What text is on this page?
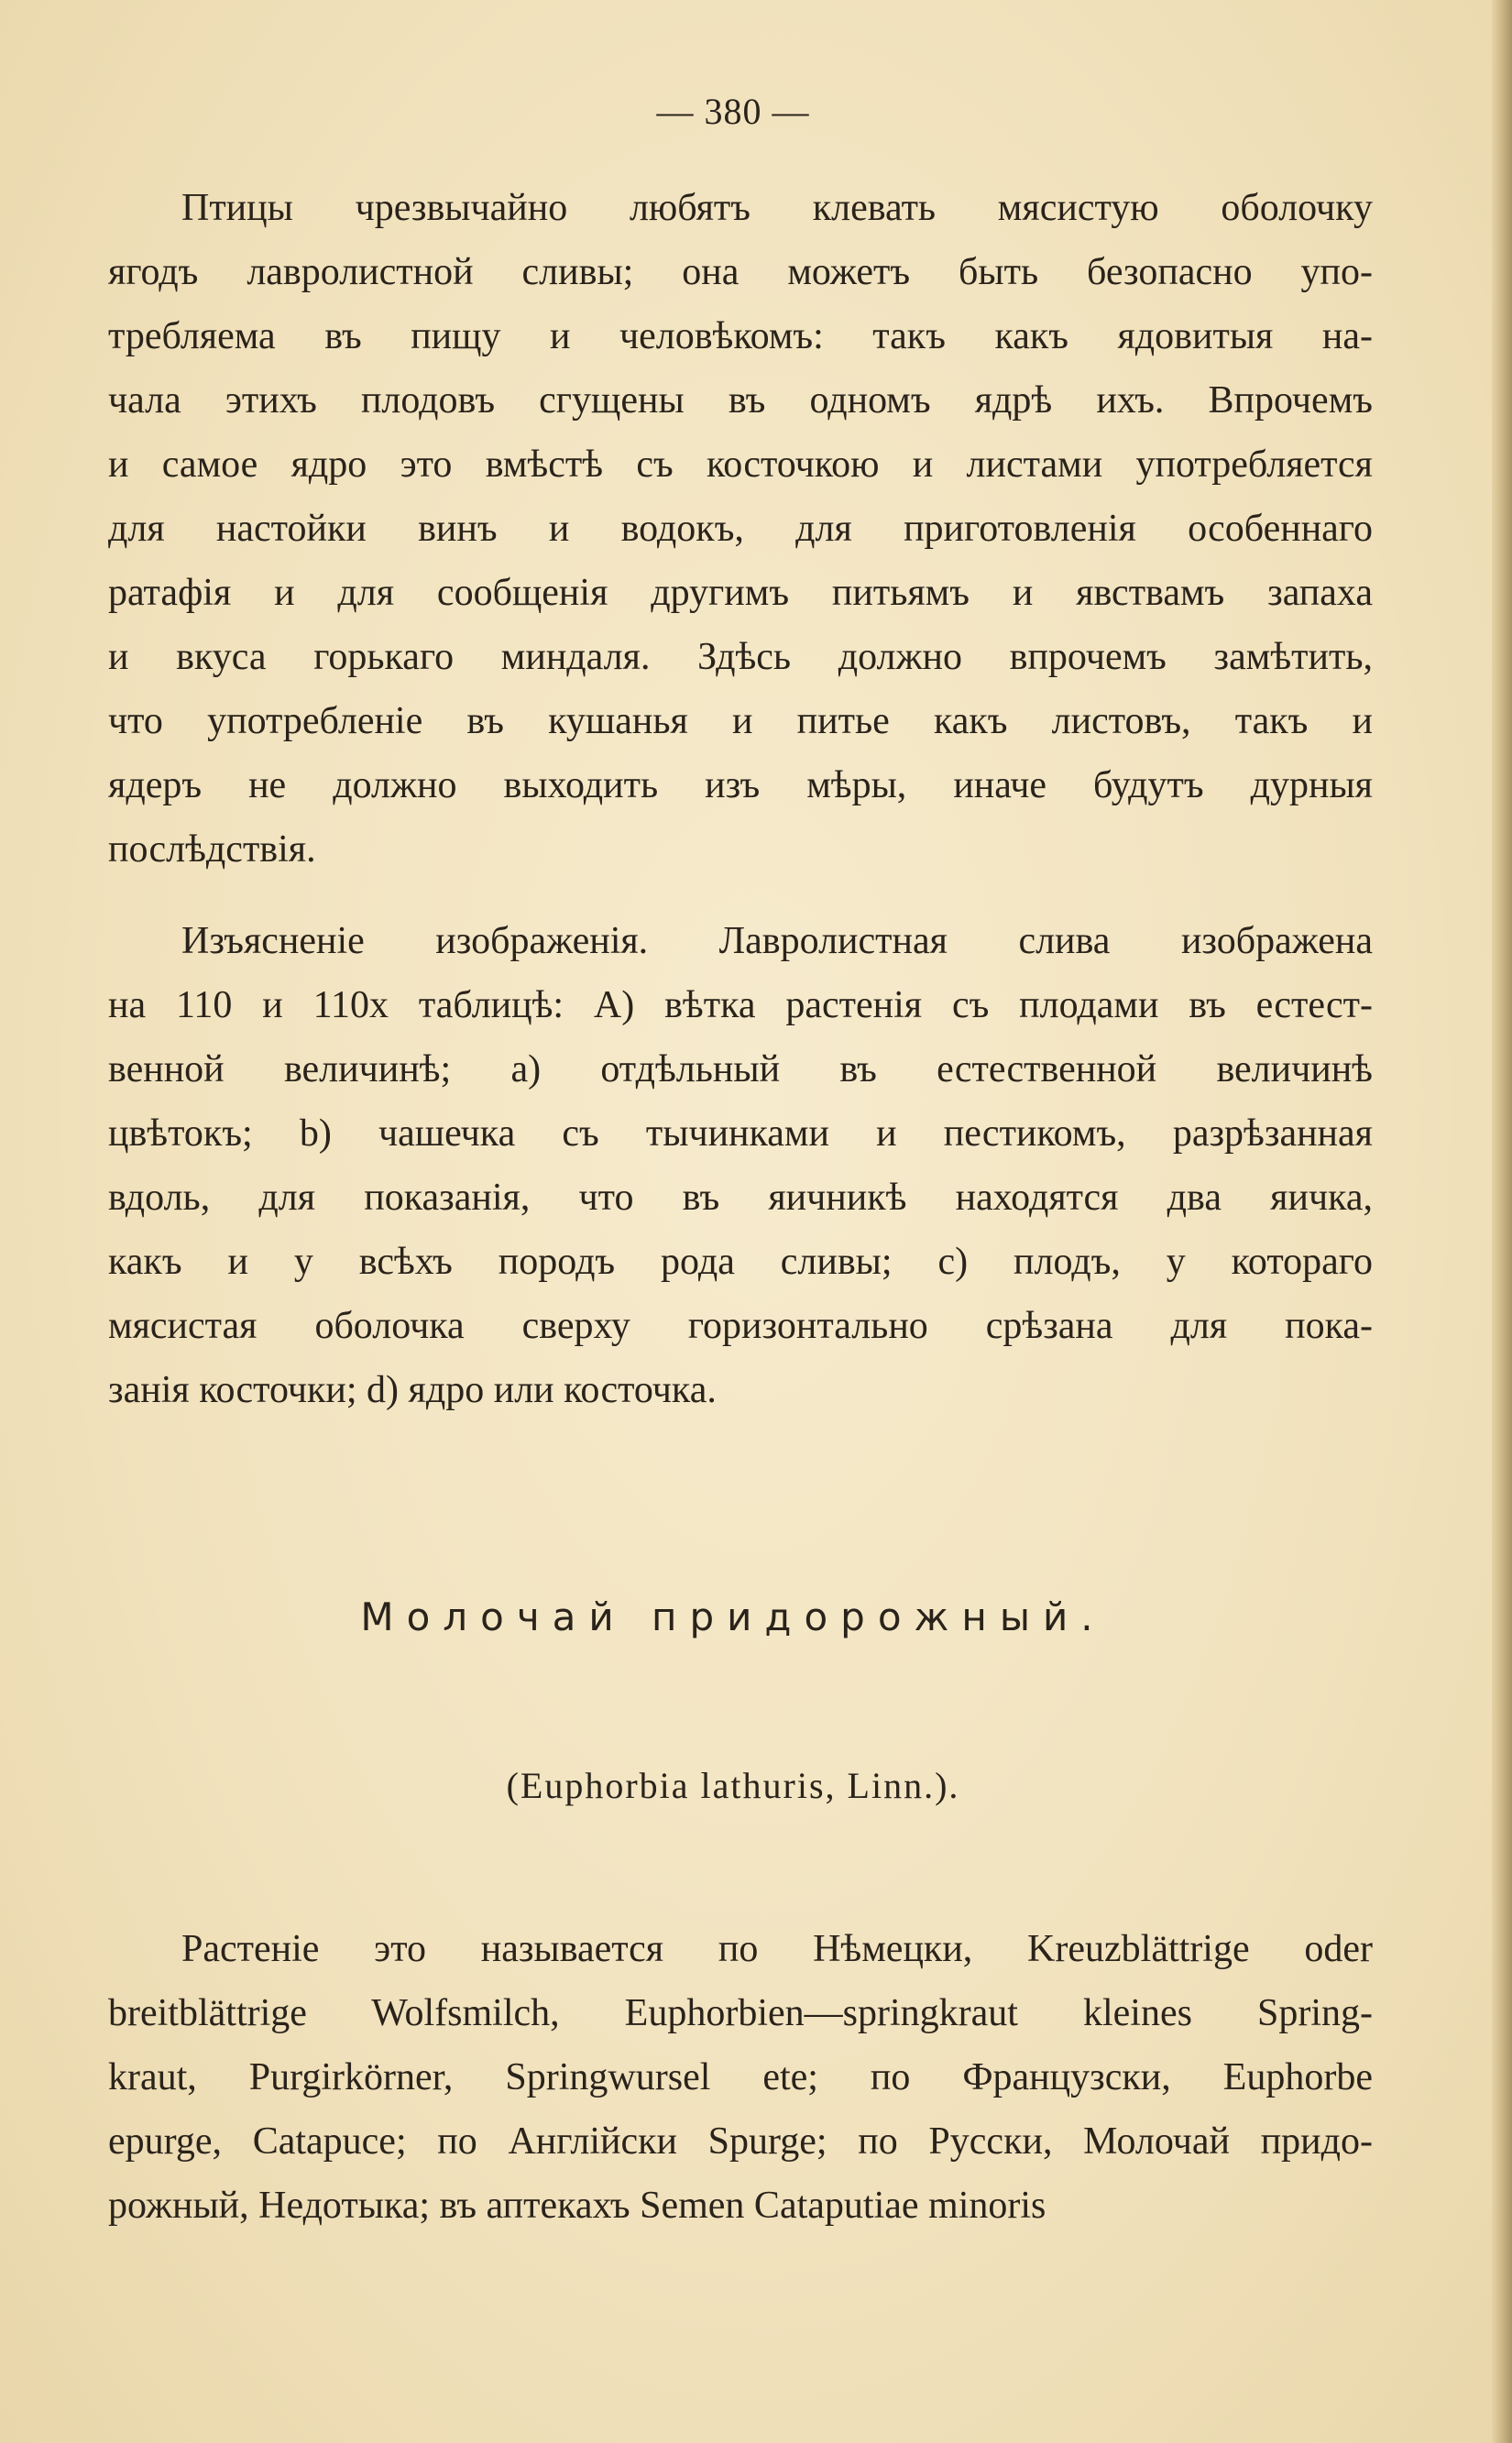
— 380 —
Птицы чрезвычайно любятъ клевать мясистую оболочку
ягодъ лавролистной сливы; она можетъ быть безопасно упо-
требляема въ пищу и человѣкомъ: такъ какъ ядовитыя на-
чала этихъ плодовъ сгущены въ одномъ ядрѣ ихъ. Впрочемъ
и самое ядро это вмѣстѣ съ косточкою и листами употребляется
для настойки винъ и водокъ, для приготовленія особеннаго
ратафія и для сообщенія другимъ питьямъ и явствамъ запаха
и вкуса горькаго миндаля. Здѣсь должно впрочемъ замѣтить,
что употребленіе въ кушанья и питье какъ листовъ, такъ и
ядеръ не должно выходить изъ мѣры, иначе будутъ дурныя
послѣдствія.
Изъясненіе изображенія. Лавролистная слива изображена
на 110 и 110х таблицѣ: A) вѣтка растенія съ плодами въ естест-
венной величинѣ; a) отдѣльный въ естественной величинѣ
цвѣтокъ; b) чашечка съ тычинками и пестикомъ, разрѣзанная
вдоль, для показанія, что въ яичникѣ находятся два яичка,
какъ и у всѣхъ породъ рода сливы; c) плодъ, у котораго
мясистая оболочка сверху горизонтально срѣзана для пока-
занія косточки; d) ядро или косточка.
Молочай придорожный.
(Euphorbia lathuris, Linn.).
Растеніе это называется по Нѣмецки, Kreuzblättrige oder
breitblättrige Wolfsmilch, Euphorbien—springkraut kleines Spring-
kraut, Purgirkörner, Springwursel ete; по Французски, Euphorbe
epurge, Catapuce; по Англійски Spurge; по Русски, Молочай придо-
рожный, Недотыка; въ аптекахъ Semen Cataputiae minoris
